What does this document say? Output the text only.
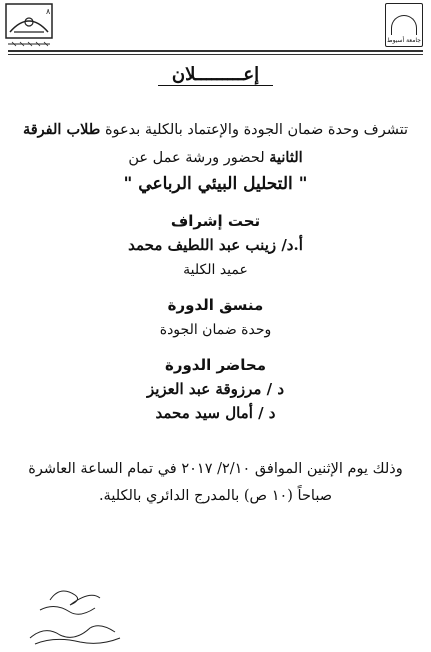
جامعة أسيوط
٨
إعـــــــــلان
تتشرف وحدة ضمان الجودة والإعتماد بالكلية بدعوة طلاب الفرقة الثانية لحضور ورشة عمل عن
" التحليل البيئي الرباعي "
تحت إشراف
أ.د/ زينب عبد اللطيف محمد
عميد الكلية
منسق الدورة
وحدة ضمان الجودة
محاضر الدورة
د / مرزوقة عبد العزيز
د / أمال سيد محمد
وذلك يوم الإثنين الموافق ٢/١٠/ ٢٠١٧ في تمام الساعة العاشرة
صباحاً (١٠ ص) بالمدرج الدائري بالكلية.
